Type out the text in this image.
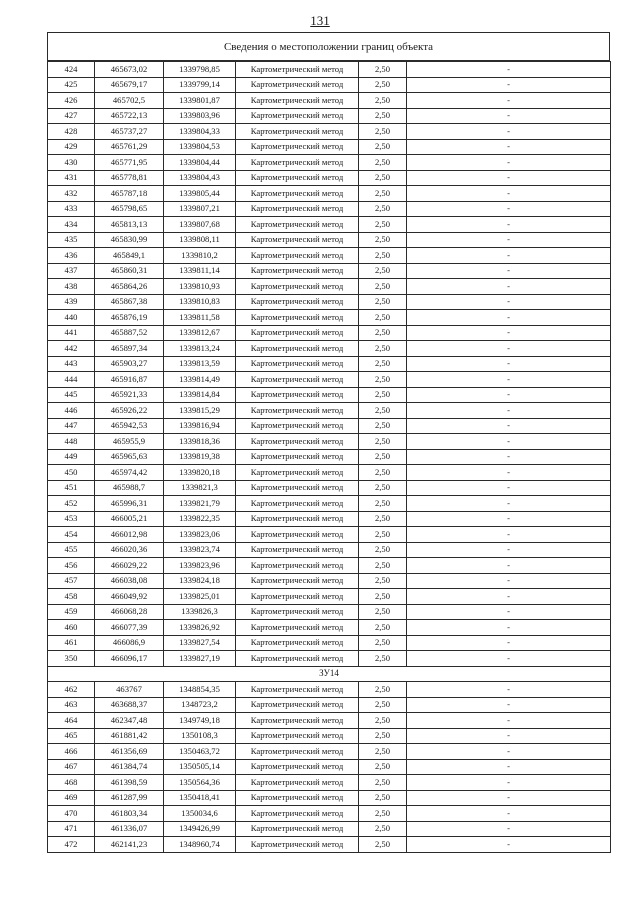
131
Сведения о местоположении границ объекта
424	465673,02	1339798,85	Картометрический метод	2,50	-
425	465679,17	1339799,14	Картометрический метод	2,50	-
426	465702,5	1339801,87	Картометрический метод	2,50	-
427	465722,13	1339803,96	Картометрический метод	2,50	-
428	465737,27	1339804,33	Картометрический метод	2,50	-
429	465761,29	1339804,53	Картометрический метод	2,50	-
430	465771,95	1339804,44	Картометрический метод	2,50	-
431	465778,81	1339804,43	Картометрический метод	2,50	-
432	465787,18	1339805,44	Картометрический метод	2,50	-
433	465798,65	1339807,21	Картометрический метод	2,50	-
434	465813,13	1339807,68	Картометрический метод	2,50	-
435	465830,99	1339808,11	Картометрический метод	2,50	-
436	465849,1	1339810,2	Картометрический метод	2,50	-
437	465860,31	1339811,14	Картометрический метод	2,50	-
438	465864,26	1339810,93	Картометрический метод	2,50	-
439	465867,38	1339810,83	Картометрический метод	2,50	-
440	465876,19	1339811,58	Картометрический метод	2,50	-
441	465887,52	1339812,67	Картометрический метод	2,50	-
442	465897,34	1339813,24	Картометрический метод	2,50	-
443	465903,27	1339813,59	Картометрический метод	2,50	-
444	465916,87	1339814,49	Картометрический метод	2,50	-
445	465921,33	1339814,84	Картометрический метод	2,50	-
446	465926,22	1339815,29	Картометрический метод	2,50	-
447	465942,53	1339816,94	Картометрический метод	2,50	-
448	465955,9	1339818,36	Картометрический метод	2,50	-
449	465965,63	1339819,38	Картометрический метод	2,50	-
450	465974,42	1339820,18	Картометрический метод	2,50	-
451	465988,7	1339821,3	Картометрический метод	2,50	-
452	465996,31	1339821,79	Картометрический метод	2,50	-
453	466005,21	1339822,35	Картометрический метод	2,50	-
454	466012,98	1339823,06	Картометрический метод	2,50	-
455	466020,36	1339823,74	Картометрический метод	2,50	-
456	466029,22	1339823,96	Картометрический метод	2,50	-
457	466038,08	1339824,18	Картометрический метод	2,50	-
458	466049,92	1339825,01	Картометрический метод	2,50	-
459	466068,28	1339826,3	Картометрический метод	2,50	-
460	466077,39	1339826,92	Картометрический метод	2,50	-
461	466086,9	1339827,54	Картометрический метод	2,50	-
350	466096,17	1339827,19	Картометрический метод	2,50	-
ЗУ14					
462	463767	1348854,35	Картометрический метод	2,50	-
463	463688,37	1348723,2	Картометрический метод	2,50	-
464	462347,48	1349749,18	Картометрический метод	2,50	-
465	461881,42	1350108,3	Картометрический метод	2,50	-
466	461356,69	1350463,72	Картометрический метод	2,50	-
467	461384,74	1350505,14	Картометрический метод	2,50	-
468	461398,59	1350564,36	Картометрический метод	2,50	-
469	461287,99	1350418,41	Картометрический метод	2,50	-
470	461803,34	1350034,6	Картометрический метод	2,50	-
471	461336,07	1349426,99	Картометрический метод	2,50	-
472	462141,23	1348960,74	Картометрический метод	2,50	-
